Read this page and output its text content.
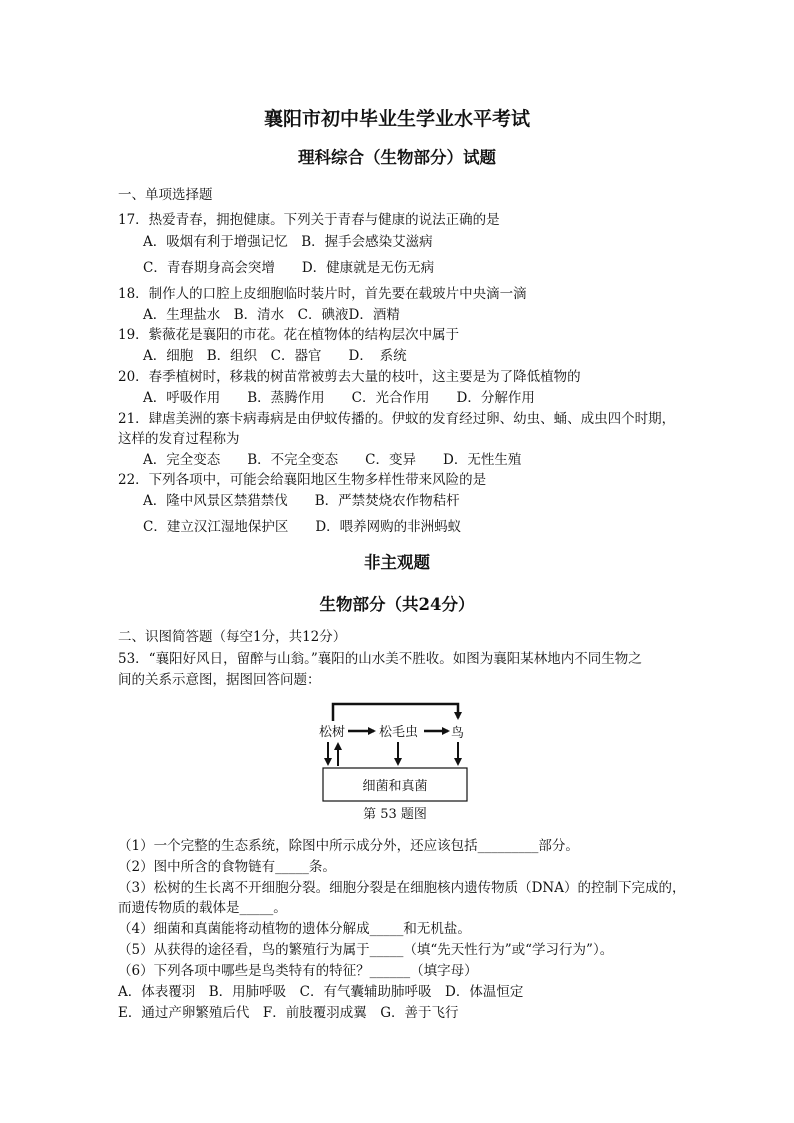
襄阳市初中毕业生学业水平考试
理科综合（生物部分）试题
一、单项选择题
17．热爱青春，拥抱健康。下列关于青春与健康的说法正确的是
A．吸烟有利于增强记忆　B．握手会感染艾滋病
C．青春期身高会突增　　D．健康就是无伤无病
18．制作人的口腔上皮细胞临时装片时，首先要在载玻片中央滴一滴
A．生理盐水　B．清水　C．碘液D．酒精
19．紫薇花是襄阳的市花。花在植物体的结构层次中属于
A．细胞　B．组织　C．器官　　D．　系统
20．春季植树时，移栽的树苗常被剪去大量的枝叶，这主要是为了降低植物的
A．呼吸作用　　B．蒸腾作用　　C．光合作用　　D．分解作用
21．肆虐美洲的寨卡病毒病是由伊蚊传播的。伊蚊的发育经过卵、幼虫、蛹、成虫四个时期，
这样的发育过程称为
A．完全变态　　B．不完全变态　　C．变异　　D．无性生殖
22．下列各项中，可能会给襄阳地区生物多样性带来风险的是
A．隆中风景区禁猎禁伐　　B．严禁焚烧农作物秸杆
C．建立汉江湿地保护区　　D．喂养网购的非洲蚂蚁
非主观题
生物部分（共24分）
二、识图简答题（每空1分，共12分）
53．“襄阳好风日，留醉与山翁。”襄阳的山水美不胜收。如图为襄阳某林地内不同生物之
间的关系示意图，据图回答问题：
松树	松毛虫	鸟
细菌和真菌
第 53 题图
（1）一个完整的生态系统，除图中所示成分外，还应该包括_________部分。
（2）图中所含的食物链有_____条。
（3）松树的生长离不开细胞分裂。细胞分裂是在细胞核内遗传物质（DNA）的控制下完成的，
而遗传物质的载体是_____。
（4）细菌和真菌能将动植物的遗体分解成_____和无机盐。
（5）从获得的途径看，鸟的繁殖行为属于_____（填“先天性行为”或“学习行为”）。
（6）下列各项中哪些是鸟类特有的特征？______（填字母）
A．体表覆羽　B．用肺呼吸　C．有气囊辅助肺呼吸　D．体温恒定
E．通过产卵繁殖后代　F．前肢覆羽成翼　G．善于飞行
